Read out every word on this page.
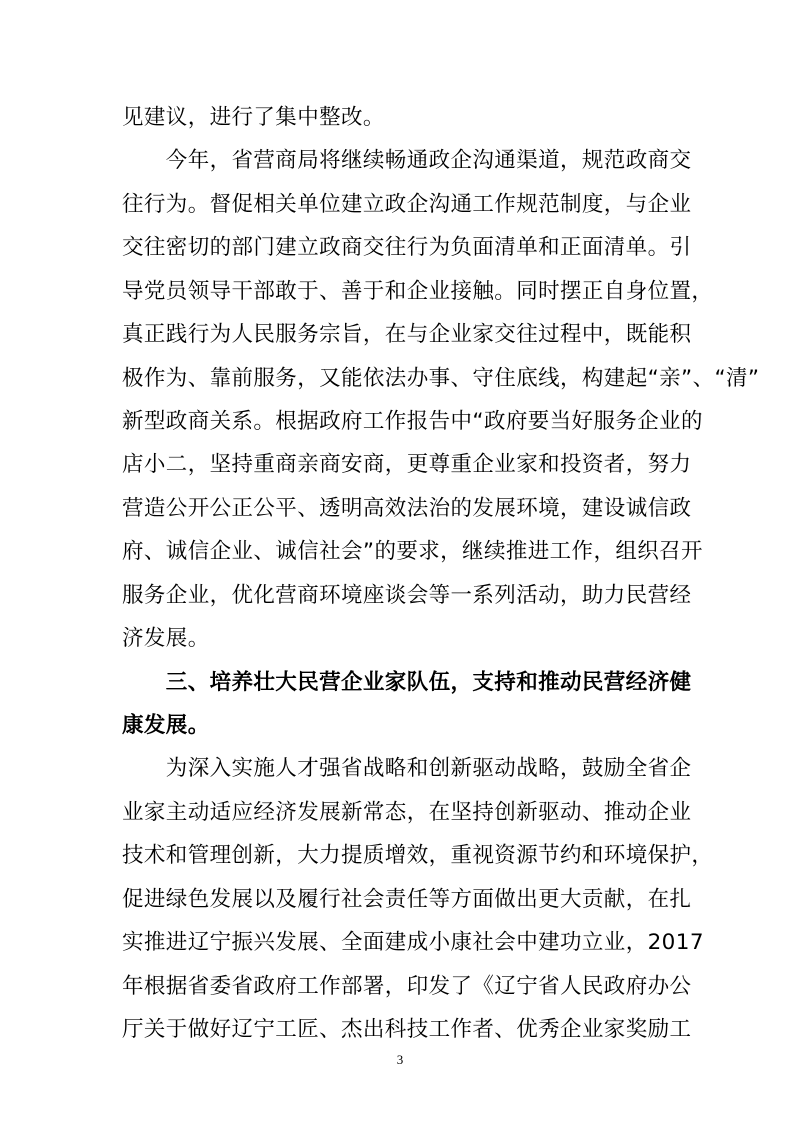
见建议，进行了集中整改。
　　今年，省营商局将继续畅通政企沟通渠道，规范政商交
往行为。督促相关单位建立政企沟通工作规范制度，与企业
交往密切的部门建立政商交往行为负面清单和正面清单。引
导党员领导干部敢于、善于和企业接触。同时摆正自身位置，
真正践行为人民服务宗旨，在与企业家交往过程中，既能积
极作为、靠前服务，又能依法办事、守住底线，构建起“亲”、“清”
新型政商关系。根据政府工作报告中“政府要当好服务企业的
店小二，坚持重商亲商安商，更尊重企业家和投资者，努力
营造公开公正公平、透明高效法治的发展环境，建设诚信政
府、诚信企业、诚信社会”的要求，继续推进工作，组织召开
服务企业，优化营商环境座谈会等一系列活动，助力民营经
济发展。
　　三、培养壮大民营企业家队伍，支持和推动民营经济健
康发展。
　　为深入实施人才强省战略和创新驱动战略，鼓励全省企
业家主动适应经济发展新常态，在坚持创新驱动、推动企业
技术和管理创新，大力提质增效，重视资源节约和环境保护，
促进绿色发展以及履行社会责任等方面做出更大贡献，在扎
实推进辽宁振兴发展、全面建成小康社会中建功立业，2017
年根据省委省政府工作部署，印发了《辽宁省人民政府办公
厅关于做好辽宁工匠、杰出科技工作者、优秀企业家奖励工
3
